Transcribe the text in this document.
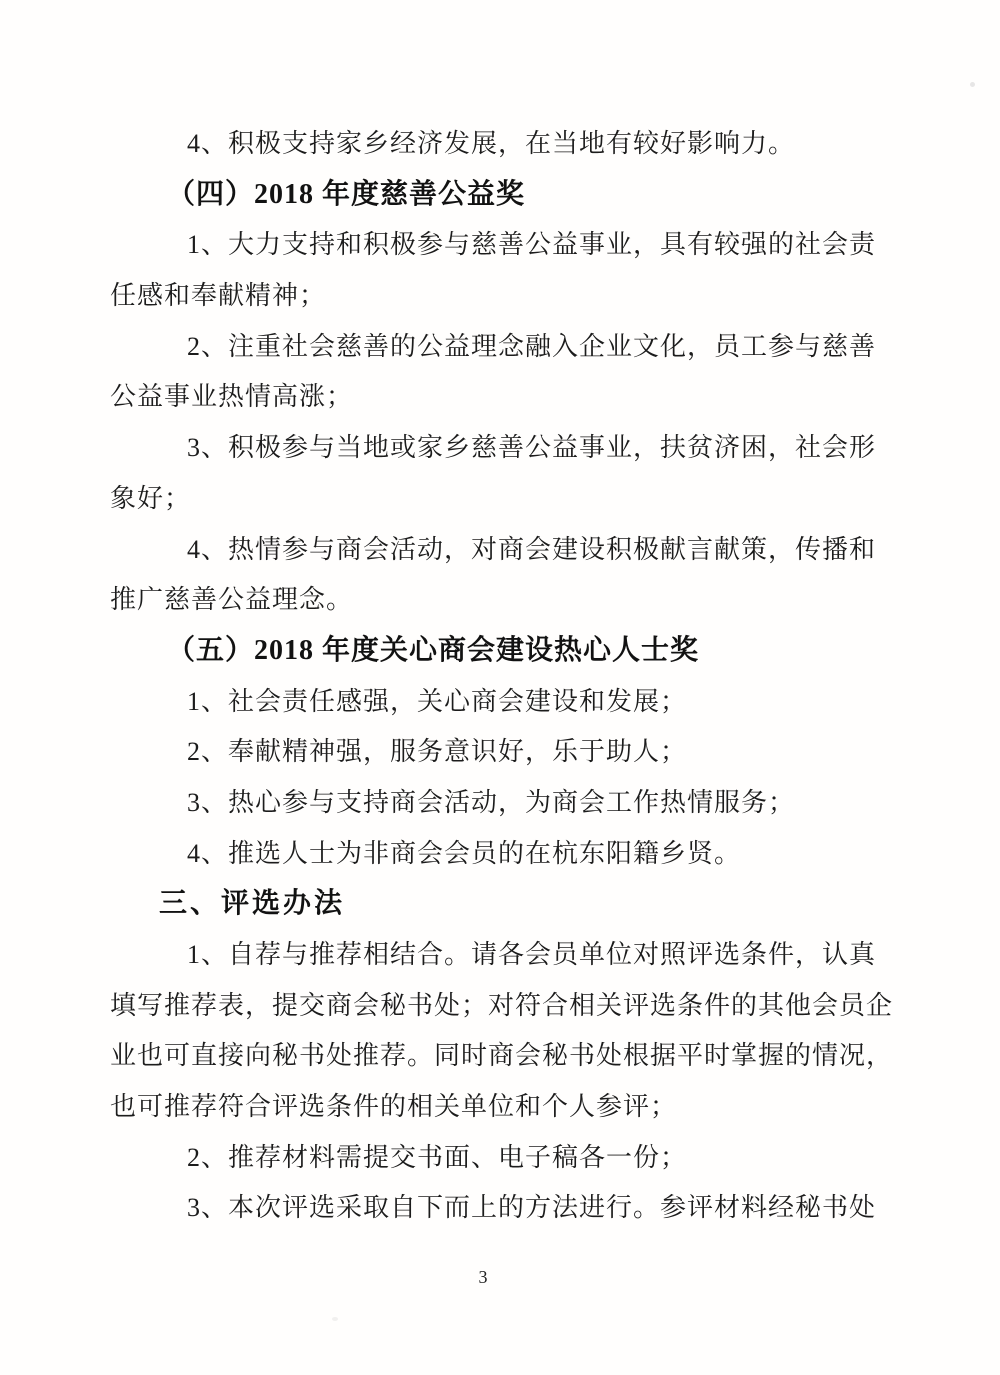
4、积极支持家乡经济发展，在当地有较好影响力。
（四）2018 年度慈善公益奖
1、大力支持和积极参与慈善公益事业，具有较强的社会责
任感和奉献精神；
2、注重社会慈善的公益理念融入企业文化，员工参与慈善
公益事业热情高涨；
3、积极参与当地或家乡慈善公益事业，扶贫济困，社会形
象好；
4、热情参与商会活动，对商会建设积极献言献策，传播和
推广慈善公益理念。
（五）2018 年度关心商会建设热心人士奖
1、社会责任感强，关心商会建设和发展；
2、奉献精神强，服务意识好，乐于助人；
3、热心参与支持商会活动，为商会工作热情服务；
4、推选人士为非商会会员的在杭东阳籍乡贤。
三、评选办法
1、自荐与推荐相结合。请各会员单位对照评选条件，认真
填写推荐表，提交商会秘书处；对符合相关评选条件的其他会员企
业也可直接向秘书处推荐。同时商会秘书处根据平时掌握的情况，
也可推荐符合评选条件的相关单位和个人参评；
2、推荐材料需提交书面、电子稿各一份；
3、本次评选采取自下而上的方法进行。参评材料经秘书处
3
